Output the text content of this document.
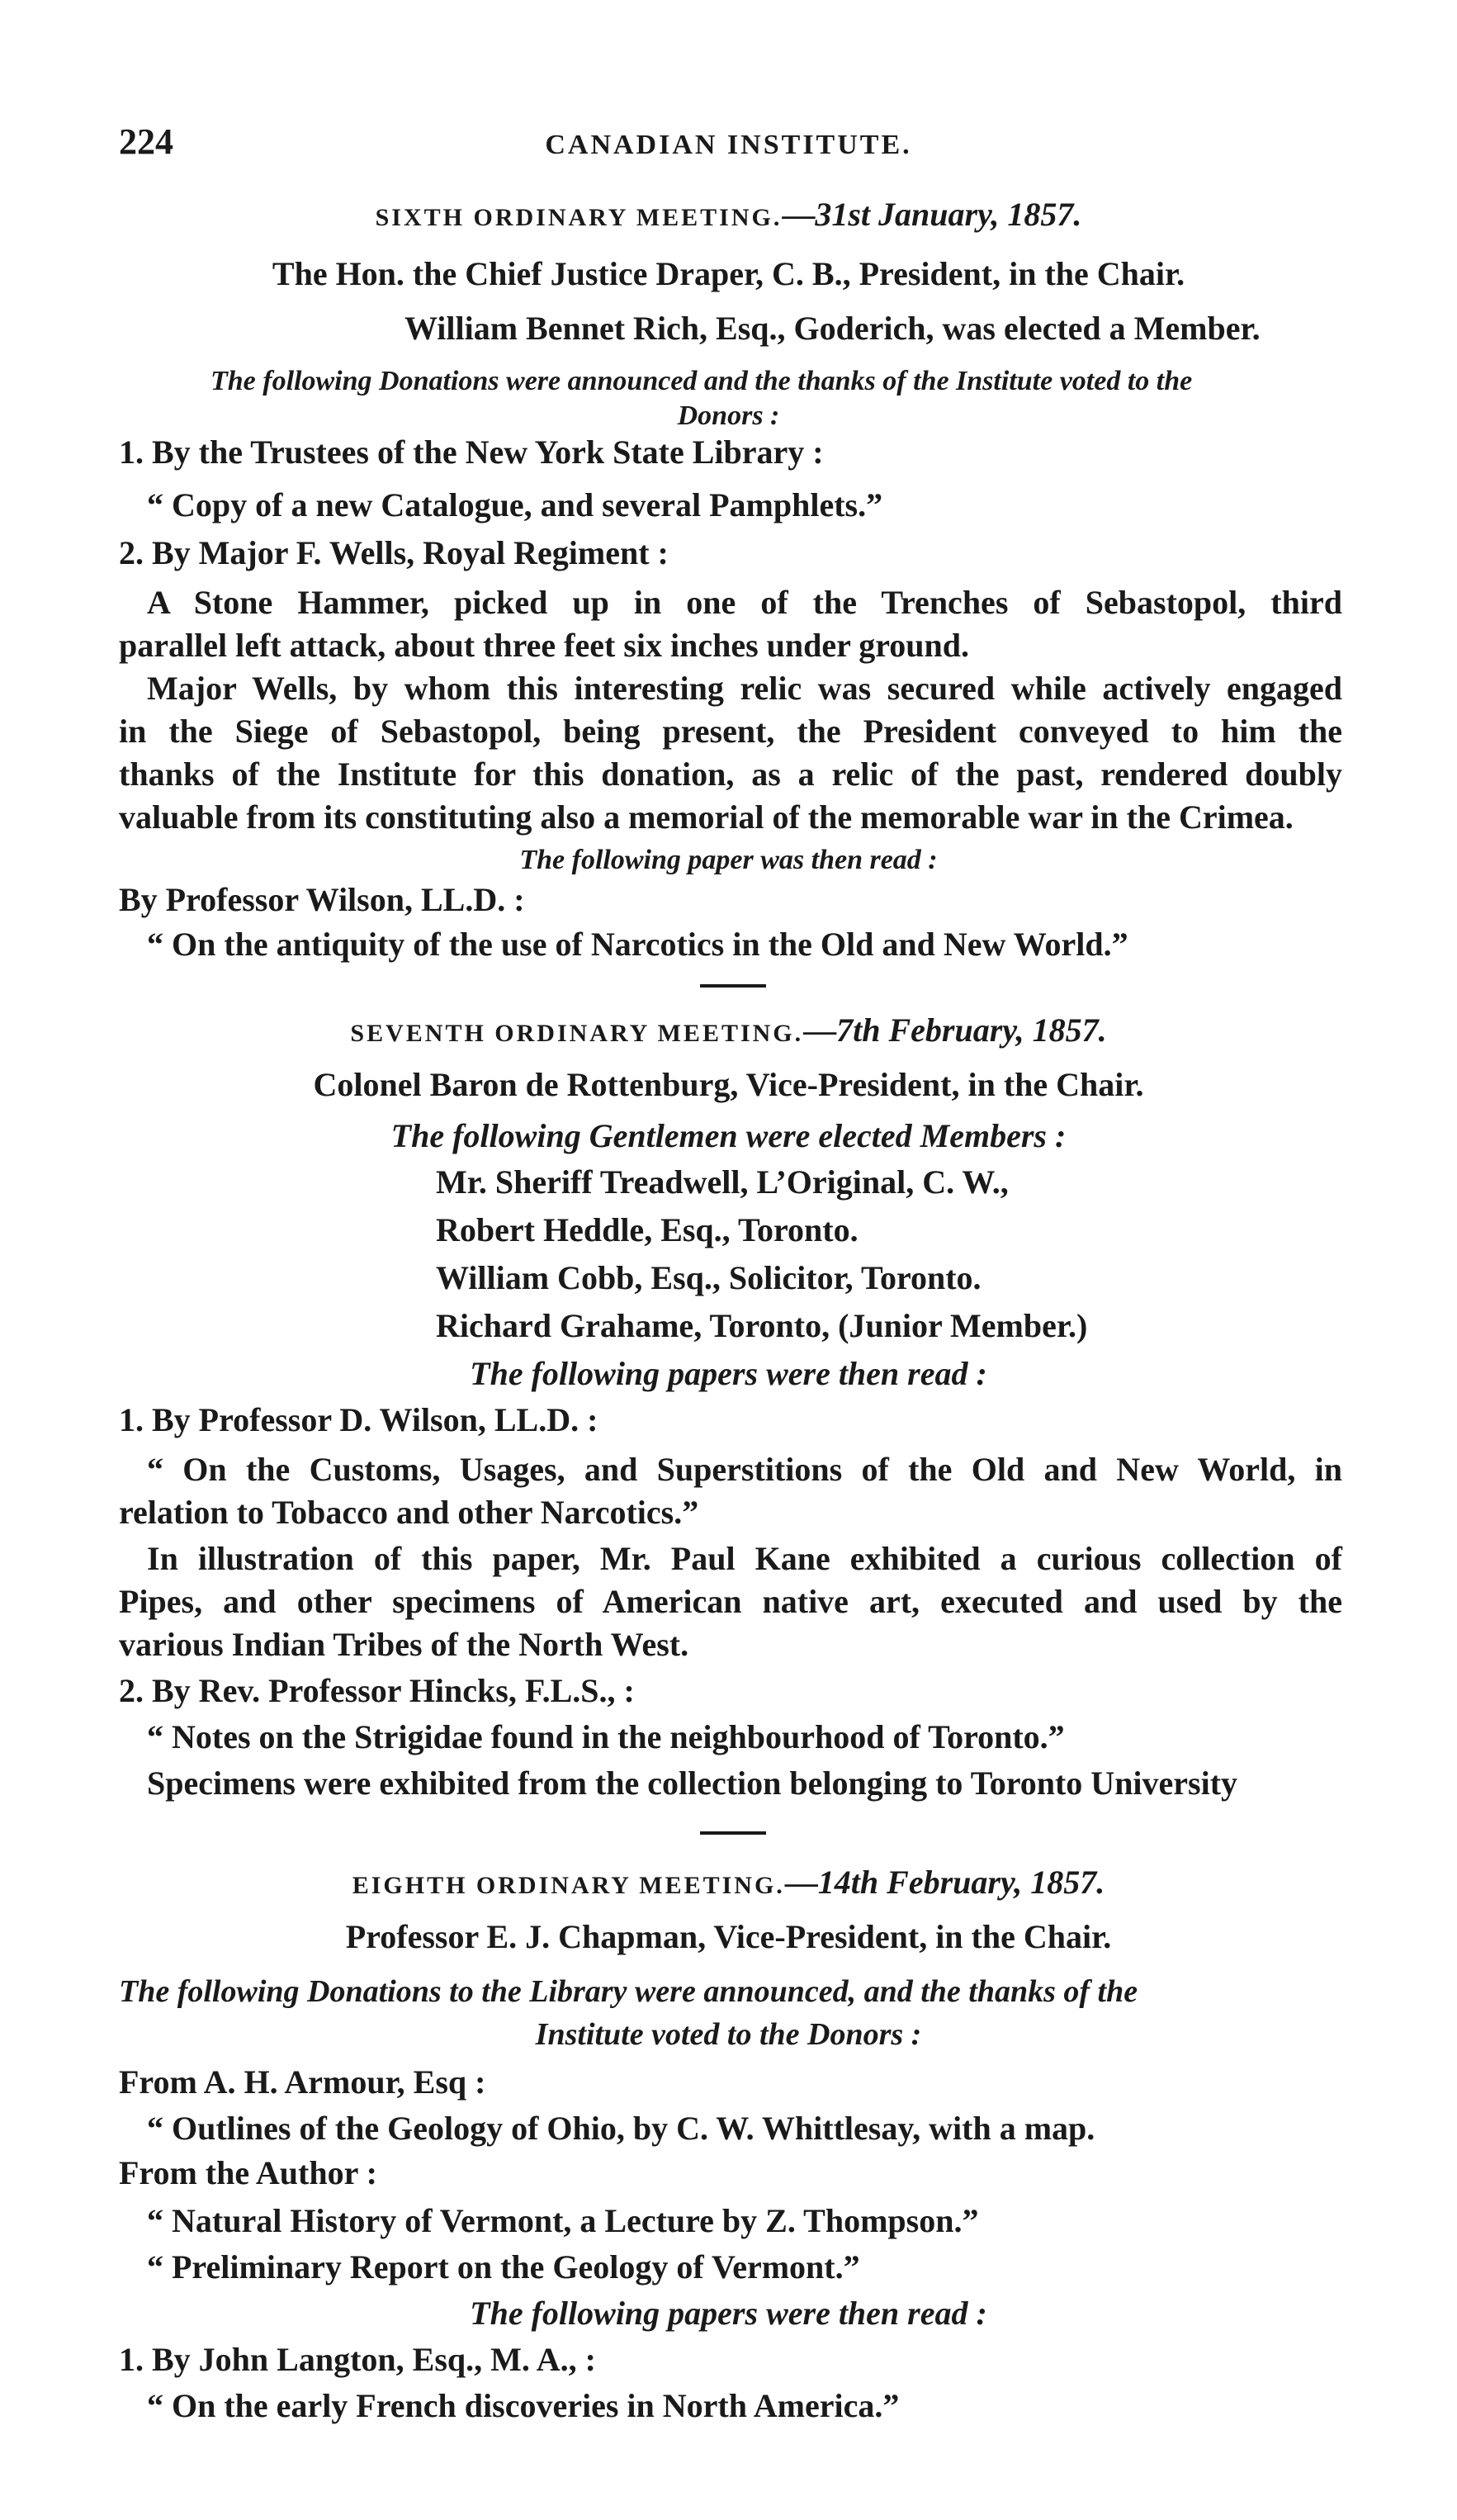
224	CANADIAN INSTITUTE.
SIXTH ORDINARY MEETING.—31st January, 1857.
The Hon. the Chief Justice Draper, C. B., President, in the Chair.
William Bennet Rich, Esq., Goderich, was elected a Member.
The following Donations were announced and the thanks of the Institute voted to the
Donors :
1. By the Trustees of the New York State Library :
“ Copy of a new Catalogue, and several Pamphlets.”
2. By Major F. Wells, Royal Regiment :
A Stone Hammer, picked up in one of the Trenches of Sebastopol, third
parallel left attack, about three feet six inches under ground.
Major Wells, by whom this interesting relic was secured while actively engaged
in the Siege of Sebastopol, being present, the President conveyed to him the
thanks of the Institute for this donation, as a relic of the past, rendered doubly
valuable from its constituting also a memorial of the memorable war in the Crimea.
The following paper was then read :
By Professor Wilson, LL.D. :
“ On the antiquity of the use of Narcotics in the Old and New World.”
SEVENTH ORDINARY MEETING.—7th February, 1857.
Colonel Baron de Rottenburg, Vice-President, in the Chair.
The following Gentlemen were elected Members :
Mr. Sheriff Treadwell, L’Original, C. W.,
Robert Heddle, Esq., Toronto.
William Cobb, Esq., Solicitor, Toronto.
Richard Grahame, Toronto, (Junior Member.)
The following papers were then read :
1. By Professor D. Wilson, LL.D. :
“ On the Customs, Usages, and Superstitions of the Old and New World, in
relation to Tobacco and other Narcotics.”
In illustration of this paper, Mr. Paul Kane exhibited a curious collection of
Pipes, and other specimens of American native art, executed and used by the
various Indian Tribes of the North West.
2. By Rev. Professor Hincks, F.L.S., :
“ Notes on the Strigidae found in the neighbourhood of Toronto.”
Specimens were exhibited from the collection belonging to Toronto University
EIGHTH ORDINARY MEETING.—14th February, 1857.
Professor E. J. Chapman, Vice-President, in the Chair.
The following Donations to the Library were announced, and the thanks of the
Institute voted to the Donors :
From A. H. Armour, Esq :
“ Outlines of the Geology of Ohio, by C. W. Whittlesay, with a map.
From the Author :
“ Natural History of Vermont, a Lecture by Z. Thompson.”
“ Preliminary Report on the Geology of Vermont.”
The following papers were then read :
1. By John Langton, Esq., M. A., :
“ On the early French discoveries in North America.”
